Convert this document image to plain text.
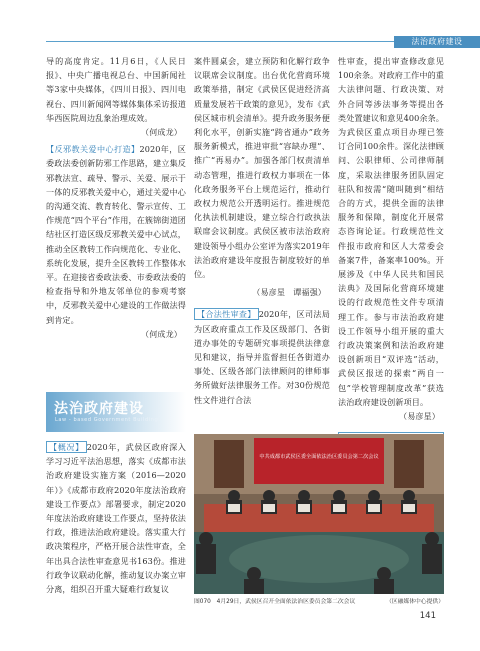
法治政府建设

导的高度肯定。11月6日，《人民日报》、中央广播电视总台、中国新闻社等3家中央媒体，《四川日报》、四川电视台、四川新闻网等媒体集体采访报道华西医院周边乱象治理成效。

（何成龙）

【反邪教关爱中心打造】2020年，区委政法委创新防邪工作思路，建立集反邪教法宣、疏导、警示、关爱、展示于一体的反邪教关爱中心，通过关爱中心的沟通交流、教育转化、警示宣传、工作规范“四个平台”作用，在簇锦街道团结社区打造区级反邪教关爱中心试点，推动全区教转工作向规范化、专业化、系统化发展，提升全区教转工作整体水平。在迎接省委政法委、市委政法委的检查指导和外地友邻单位的参观考察中，反邪教关爱中心建设的工作做法得到肯定。

（何成龙）

法治政府建设
Law - based Government Building

【概况】 2020年，武侯区政府深入学习习近平法治思想，落实《成都市法治政府建设实施方案（2016—2020年）》《成都市政府2020年度法治政府建设工作要点》部署要求，制定2020年度法治政府建设工作要点，坚持依法行政，推进法治政府建设。落实重大行政决策程序，严格开展合法性审查，全年出具合法性审查意见书163份。推进行政争议联动化解，推动复议办案立审分离，组织召开重大疑难行政复议

案件圆桌会，建立预防和化解行政争议联席会议制度。出台优化营商环境政策举措，制定《武侯区促进经济高质量发展若干政策的意见》，发布《武侯区城市机会清单》。提升政务服务便利化水平，创新实施“跨省通办”政务服务新模式，推进审批“容缺办理”、推广“再易办”。加强各部门权责清单动态管理，推进行政权力事项在一体化政务服务平台上规范运行，推动行政权力规范公开透明运行。推进规范化执法机制建设，建立综合行政执法联席会议制度。武侯区被市法治政府建设领导小组办公室评为落实2019年法治政府建设年度报告制度较好的单位。

（易彦星　谭福强）

【合法性审查】 2020年，区司法局为区政府重点工作及区级部门、各街道办事处的专题研究事项提供法律意见和建议，指导并监督担任各街道办事处、区级各部门法律顾问的律师事务所做好法律服务工作。对30份规范性文件进行合法

性审查，提出审查修改意见100余条。对政府工作中的重大法律问题、行政决策、对外合同等涉法事务等提出各类处置建议和意见400余条。为武侯区重点项目办理已签订合同100余件。深化法律顾问、公职律师、公司律师制度，采取法律服务团队固定驻队和按需“随叫随到”相结合的方式，提供全面的法律服务和保障，制度化开展常态咨询论证。行政规范性文件报市政府和区人大常委会备案7件，备案率100%。开展涉及《中华人民共和国民法典》及国际化营商环境建设的行政规范性文件专项清理工作。参与市法治政府建设工作领导小组开展的重大行政决策案例和法治政府建设创新项目“双评选”活动，武侯区报送的探索“两自一包”学校管理制度改革”获选法治政府建设创新项目。

（易彦星）

中共成都市武侯区委全面依法治区委员会第二次会议
图070　4月29日，武侯区召开全面依法治区委员会第二次会议	（区融媒体中心提供）
141
